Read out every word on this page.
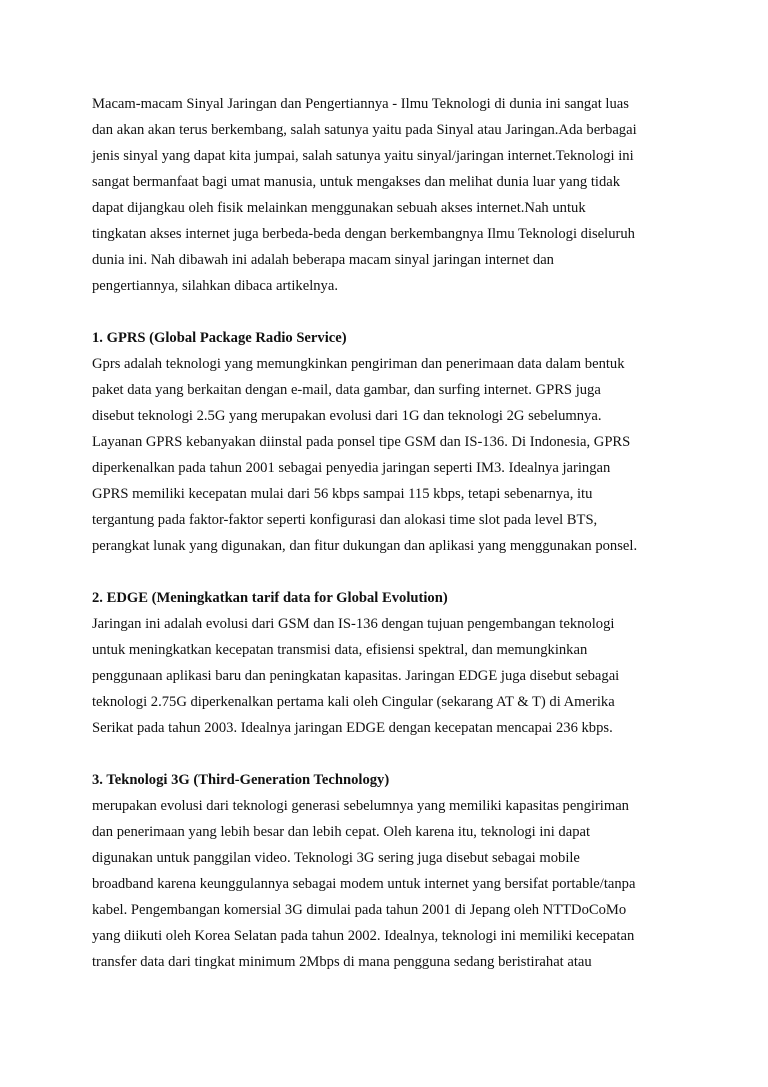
Macam-macam Sinyal Jaringan dan Pengertiannya - Ilmu Teknologi di dunia ini sangat luas
dan akan akan terus berkembang, salah satunya yaitu pada Sinyal atau Jaringan.Ada berbagai
jenis sinyal yang dapat kita jumpai, salah satunya yaitu sinyal/jaringan internet.Teknologi ini
sangat bermanfaat bagi umat manusia, untuk mengakses dan melihat dunia luar yang tidak
dapat dijangkau oleh fisik melainkan menggunakan sebuah akses internet.Nah untuk
tingkatan akses internet juga berbeda-beda dengan berkembangnya Ilmu Teknologi diseluruh
dunia ini. Nah dibawah ini adalah beberapa macam sinyal jaringan internet dan
pengertiannya, silahkan dibaca artikelnya.
1. GPRS (Global Package Radio Service)
Gprs adalah teknologi yang memungkinkan pengiriman dan penerimaan data dalam bentuk
paket data yang berkaitan dengan e-mail, data gambar, dan surfing internet. GPRS juga
disebut teknologi 2.5G yang merupakan evolusi dari 1G dan teknologi 2G sebelumnya.
Layanan GPRS kebanyakan diinstal pada ponsel tipe GSM dan IS-136. Di Indonesia, GPRS
diperkenalkan pada tahun 2001 sebagai penyedia jaringan seperti IM3. Idealnya jaringan
GPRS memiliki kecepatan mulai dari 56 kbps sampai 115 kbps, tetapi sebenarnya, itu
tergantung pada faktor-faktor seperti konfigurasi dan alokasi time slot pada level BTS,
perangkat lunak yang digunakan, dan fitur dukungan dan aplikasi yang menggunakan ponsel.
2. EDGE (Meningkatkan tarif data for Global Evolution)
Jaringan ini adalah evolusi dari GSM dan IS-136 dengan tujuan pengembangan teknologi
untuk meningkatkan kecepatan transmisi data, efisiensi spektral, dan memungkinkan
penggunaan aplikasi baru dan peningkatan kapasitas. Jaringan EDGE juga disebut sebagai
teknologi 2.75G diperkenalkan pertama kali oleh Cingular (sekarang AT & T) di Amerika
Serikat pada tahun 2003. Idealnya jaringan EDGE dengan kecepatan mencapai 236 kbps.
3. Teknologi 3G (Third-Generation Technology)
merupakan evolusi dari teknologi generasi sebelumnya yang memiliki kapasitas pengiriman
dan penerimaan yang lebih besar dan lebih cepat. Oleh karena itu, teknologi ini dapat
digunakan untuk panggilan video. Teknologi 3G sering juga disebut sebagai mobile
broadband karena keunggulannya sebagai modem untuk internet yang bersifat portable/tanpa
kabel. Pengembangan komersial 3G dimulai pada tahun 2001 di Jepang oleh NTTDoCoMo
yang diikuti oleh Korea Selatan pada tahun 2002. Idealnya, teknologi ini memiliki kecepatan
transfer data dari tingkat minimum 2Mbps di mana pengguna sedang beristirahat atau
